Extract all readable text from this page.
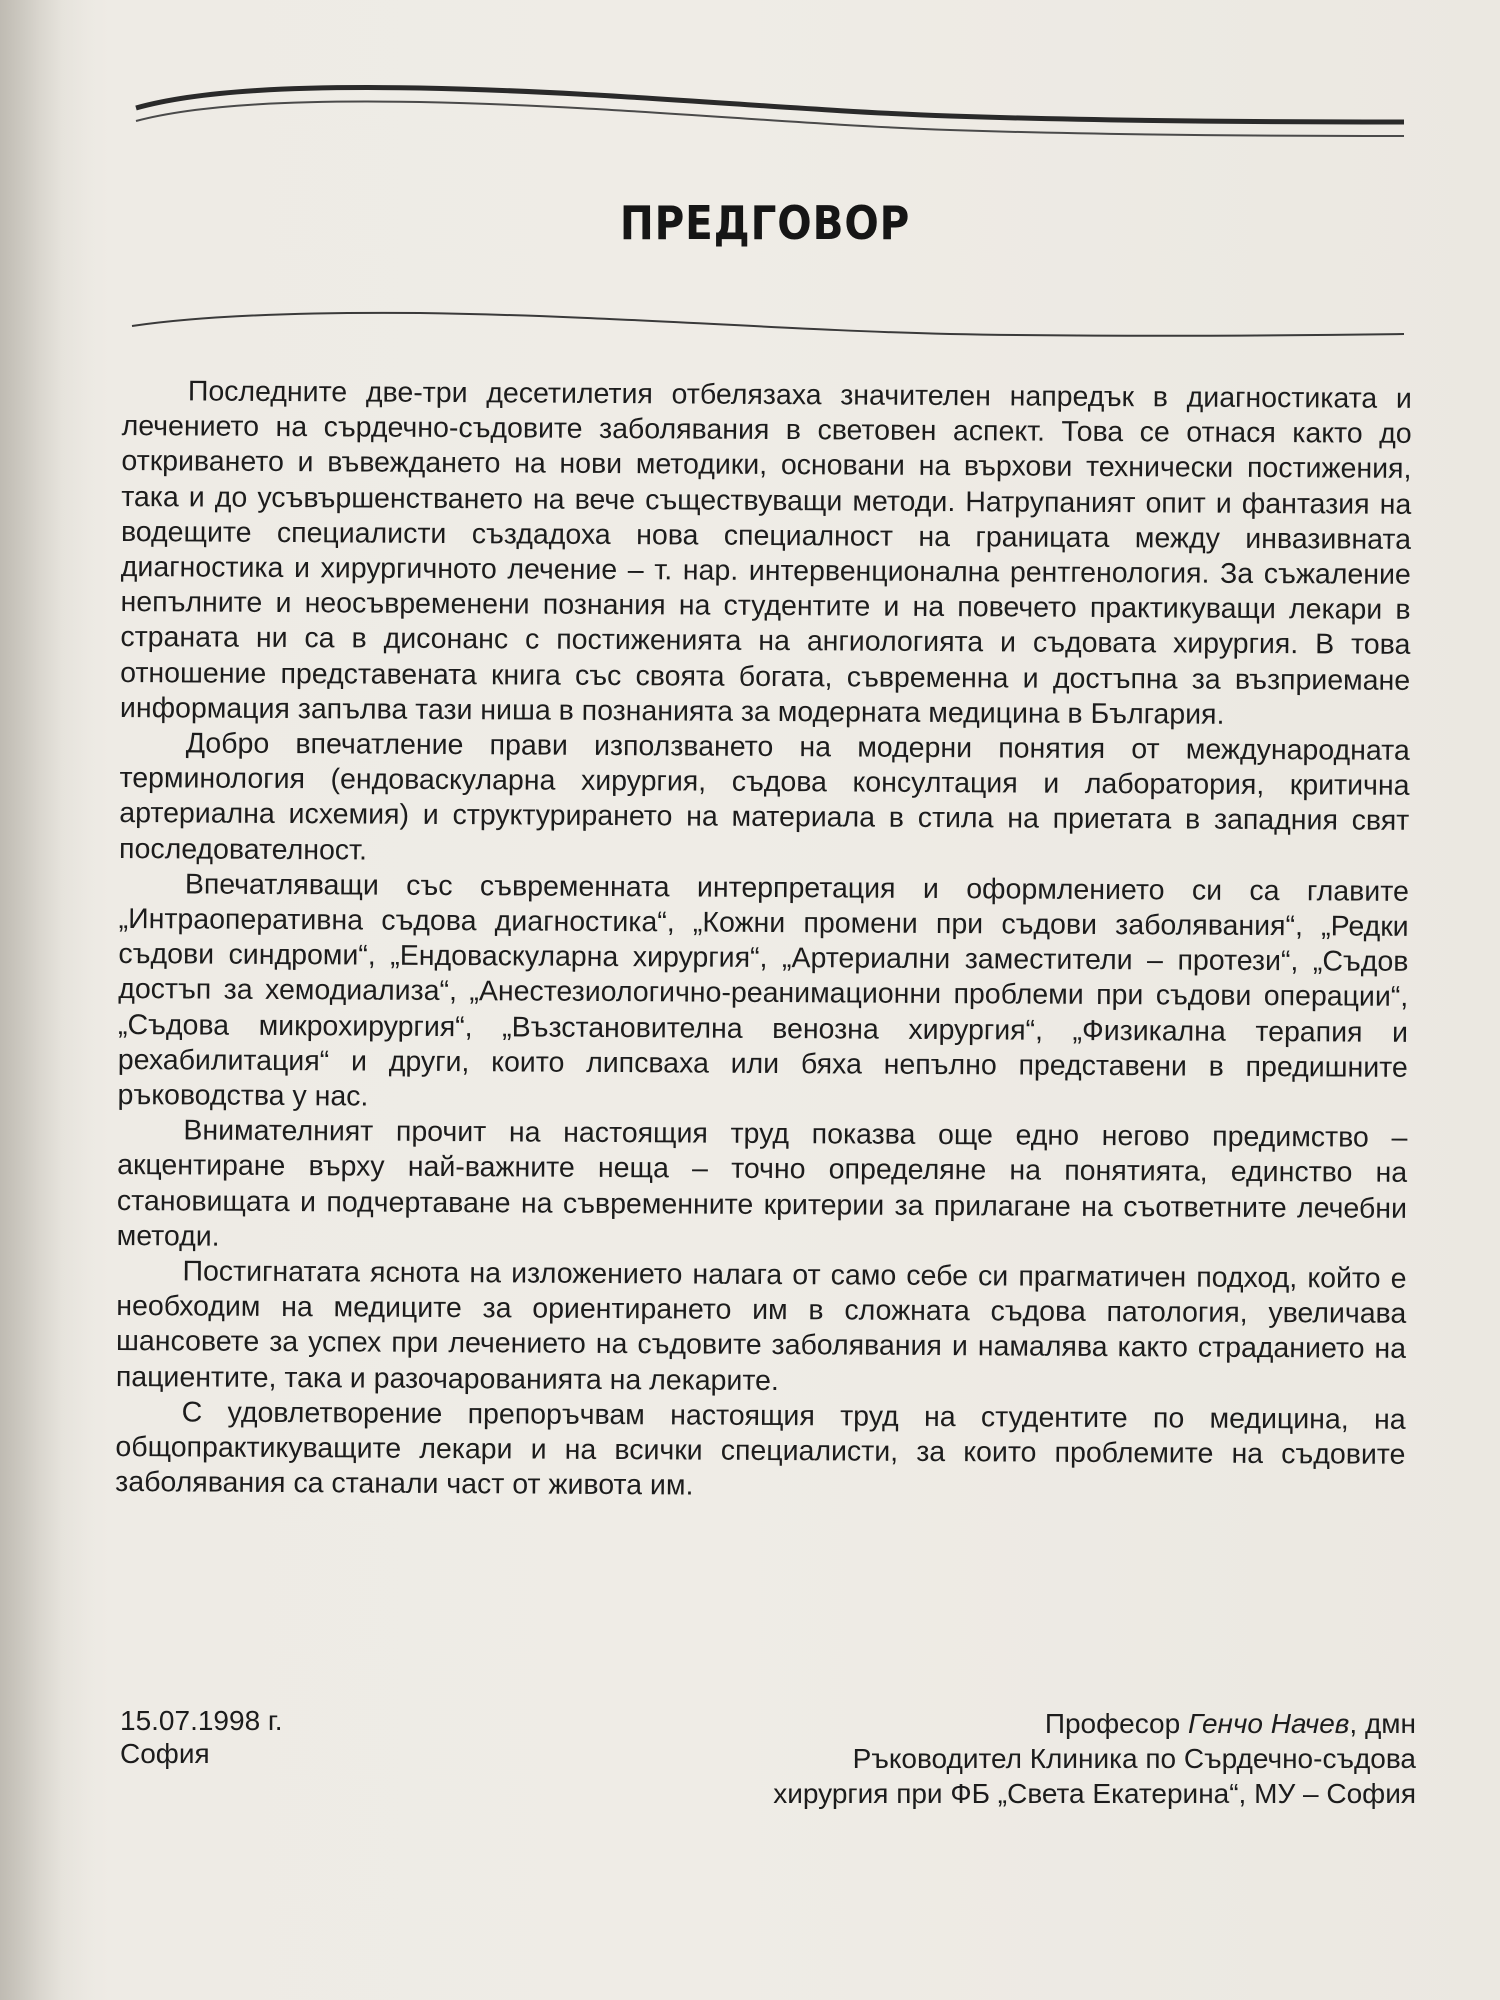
ПРЕДГОВОР

Последните две-три десетилетия отбелязаха значителен напредък в диагностиката и лечението на сърдечно-съдовите заболявания в световен аспект. Това се отнася както до откриването и въвеждането на нови методики, основани на върхови технически постижения, така и до усъвършенстването на вече съществуващи методи. Натрупаният опит и фантазия на водещите специалисти създадоха нова специалност на границата между инвазивната диагностика и хирургичното лечение – т. нар. интервенционална рентгенология. За съжаление непълните и неосъвременени познания на студентите и на повечето практикуващи лекари в страната ни са в дисонанс с постиженията на ангиологията и съдовата хирургия. В това отношение представената книга със своята богата, съвременна и достъпна за възприемане информация запълва тази ниша в познанията за модерната медицина в България.

Добро впечатление прави използването на модерни понятия от международната терминология (ендоваскуларна хирургия, съдова консултация и лаборатория, критична артериална исхемия) и структурирането на материала в стила на приетата в западния свят последователност.

Впечатляващи със съвременната интерпретация и оформлението си са главите „Интраоперативна съдова диагностика“, „Кожни промени при съдови заболявания“, „Редки съдови синдроми“, „Ендоваскуларна хирургия“, „Артериални заместители – протези“, „Съдов достъп за хемодиализа“, „Анестезиологично-реанимационни проблеми при съдови операции“, „Съдова микрохирургия“, „Възстановителна венозна хирургия“, „Физикална терапия и рехабилитация“ и други, които липсваха или бяха непълно представени в предишните ръководства у нас.

Внимателният прочит на настоящия труд показва още едно негово предимство – акцентиране върху най-важните неща – точно определяне на понятията, единство на становищата и подчертаване на съвременните критерии за прилагане на съответните лечебни методи.

Постигнатата яснота на изложението налага от само себе си прагматичен подход, който е необходим на медиците за ориентирането им в сложната съдова патология, увеличава шансовете за успех при лечението на съдовите заболявания и намалява както страданието на пациентите, така и разочарованията на лекарите.

С удовлетворение препоръчвам настоящия труд на студентите по медицина, на общопрактикуващите лекари и на всички специалисти, за които проблемите на съдовите заболявания са станали част от живота им.

15.07.1998 г.
София
Професор Генчо Начев, дмн
Ръководител Клиника по Сърдечно-съдова
хирургия при ФБ „Света Екатерина“, МУ – София
